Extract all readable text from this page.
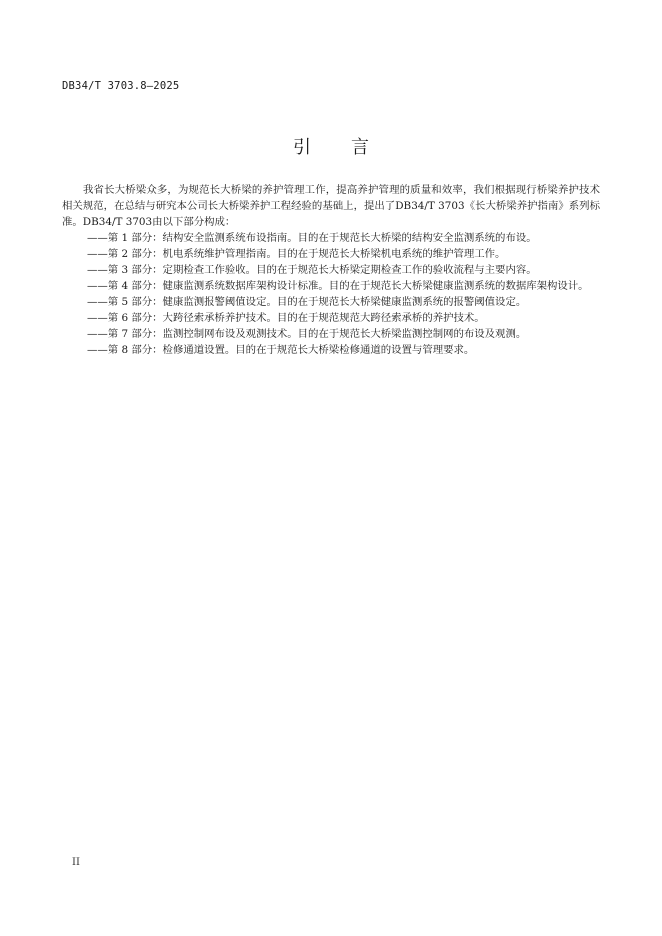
DB34/T 3703.8—2025
引言

我省长大桥梁众多，为规范长大桥梁的养护管理工作，提高养护管理的质量和效率，我们根据现行桥梁养护技术相关规范，在总结与研究本公司长大桥梁养护工程经验的基础上，提出了DB34/T 3703《长大桥梁养护指南》系列标准。DB34/T 3703由以下部分构成：

——第 1 部分：结构安全监测系统布设指南。目的在于规范长大桥梁的结构安全监测系统的布设。
——第 2 部分：机电系统维护管理指南。目的在于规范长大桥梁机电系统的维护管理工作。
——第 3 部分：定期检查工作验收。目的在于规范长大桥梁定期检查工作的验收流程与主要内容。
——第 4 部分：健康监测系统数据库架构设计标准。目的在于规范长大桥梁健康监测系统的数据库架构设计。
——第 5 部分：健康监测报警阈值设定。目的在于规范长大桥梁健康监测系统的报警阈值设定。
——第 6 部分：大跨径索承桥养护技术。目的在于规范规范大跨径索承桥的养护技术。
——第 7 部分：监测控制网布设及观测技术。目的在于规范长大桥梁监测控制网的布设及观测。
——第 8 部分：检修通道设置。目的在于规范长大桥梁检修通道的设置与管理要求。
II
